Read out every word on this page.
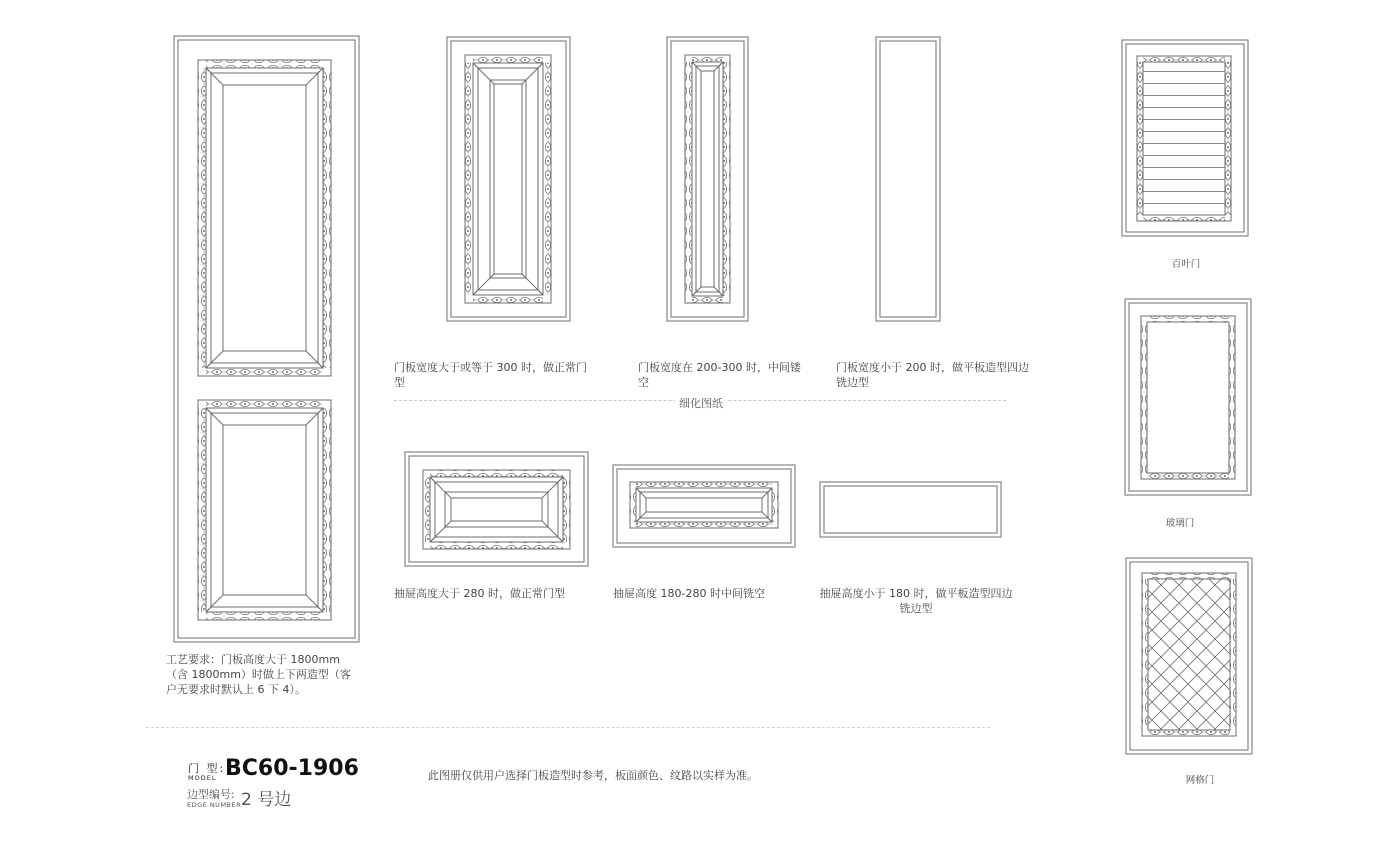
工艺要求：门板高度大于 1800mm（含 1800mm）时做上下两造型（客户无要求时默认上 6 下 4）。
门板宽度大于或等于 300 时，做正常门型
门板宽度在 200-300 时，中间镂空
门板宽度小于 200 时，做平板造型四边铣边型
细化图纸
抽屉高度大于 280 时，做正常门型	抽屉高度 180-280 时中间铣空	抽屉高度小于 180 时，做平板造型四边铣边型
百叶门
玻璃门
网格门
门 型:
MODEL BC60-1906
边型编号:
EDGE NUMBER 2 号边
此图册仅供用户选择门板造型时参考，板面颜色、纹路以实样为准。
